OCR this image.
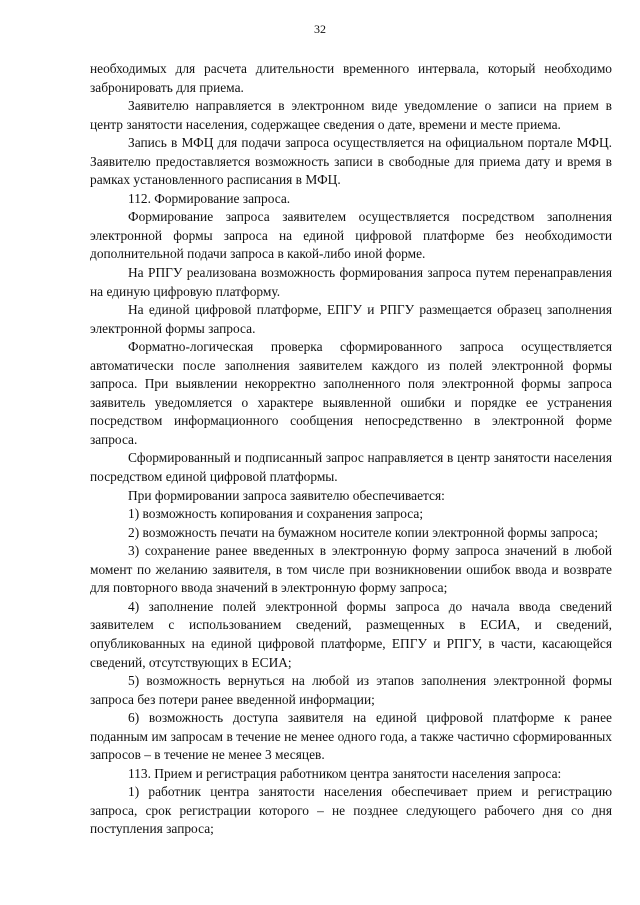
32

необходимых для расчета длительности временного интервала, который необходимо забронировать для приема.

Заявителю направляется в электронном виде уведомление о записи на прием в центр занятости населения, содержащее сведения о дате, времени и месте приема.

Запись в МФЦ для подачи запроса осуществляется на официальном портале МФЦ. Заявителю предоставляется возможность записи в свободные для приема дату и время в рамках установленного расписания в МФЦ.

112. Формирование запроса.

Формирование запроса заявителем осуществляется посредством заполнения электронной формы запроса на единой цифровой платформе без необходимости дополнительной подачи запроса в какой-либо иной форме.

На РПГУ реализована возможность формирования запроса путем перенаправления на единую цифровую платформу.

На единой цифровой платформе, ЕПГУ и РПГУ размещается образец заполнения электронной формы запроса.

Форматно-логическая проверка сформированного запроса осуществляется автоматически после заполнения заявителем каждого из полей электронной формы запроса. При выявлении некорректно заполненного поля электронной формы запроса заявитель уведомляется о характере выявленной ошибки и порядке ее устранения посредством информационного сообщения непосредственно в электронной форме запроса.

Сформированный и подписанный запрос направляется в центр занятости населения посредством единой цифровой платформы.

При формировании запроса заявителю обеспечивается:

1) возможность копирования и сохранения запроса;

2) возможность печати на бумажном носителе копии электронной формы запроса;

3) сохранение ранее введенных в электронную форму запроса значений в любой момент по желанию заявителя, в том числе при возникновении ошибок ввода и возврате для повторного ввода значений в электронную форму запроса;

4) заполнение полей электронной формы запроса до начала ввода сведений заявителем с использованием сведений, размещенных в ЕСИА, и сведений, опубликованных на единой цифровой платформе, ЕПГУ и РПГУ, в части, касающейся сведений, отсутствующих в ЕСИА;

5) возможность вернуться на любой из этапов заполнения электронной формы запроса без потери ранее введенной информации;

6) возможность доступа заявителя на единой цифровой платформе к ранее поданным им запросам в течение не менее одного года, а также частично сформированных запросов – в течение не менее 3 месяцев.

113. Прием и регистрация работником центра занятости населения запроса:

1) работник центра занятости населения обеспечивает прием и регистрацию запроса, срок регистрации которого – не позднее следующего рабочего дня со дня поступления запроса;
